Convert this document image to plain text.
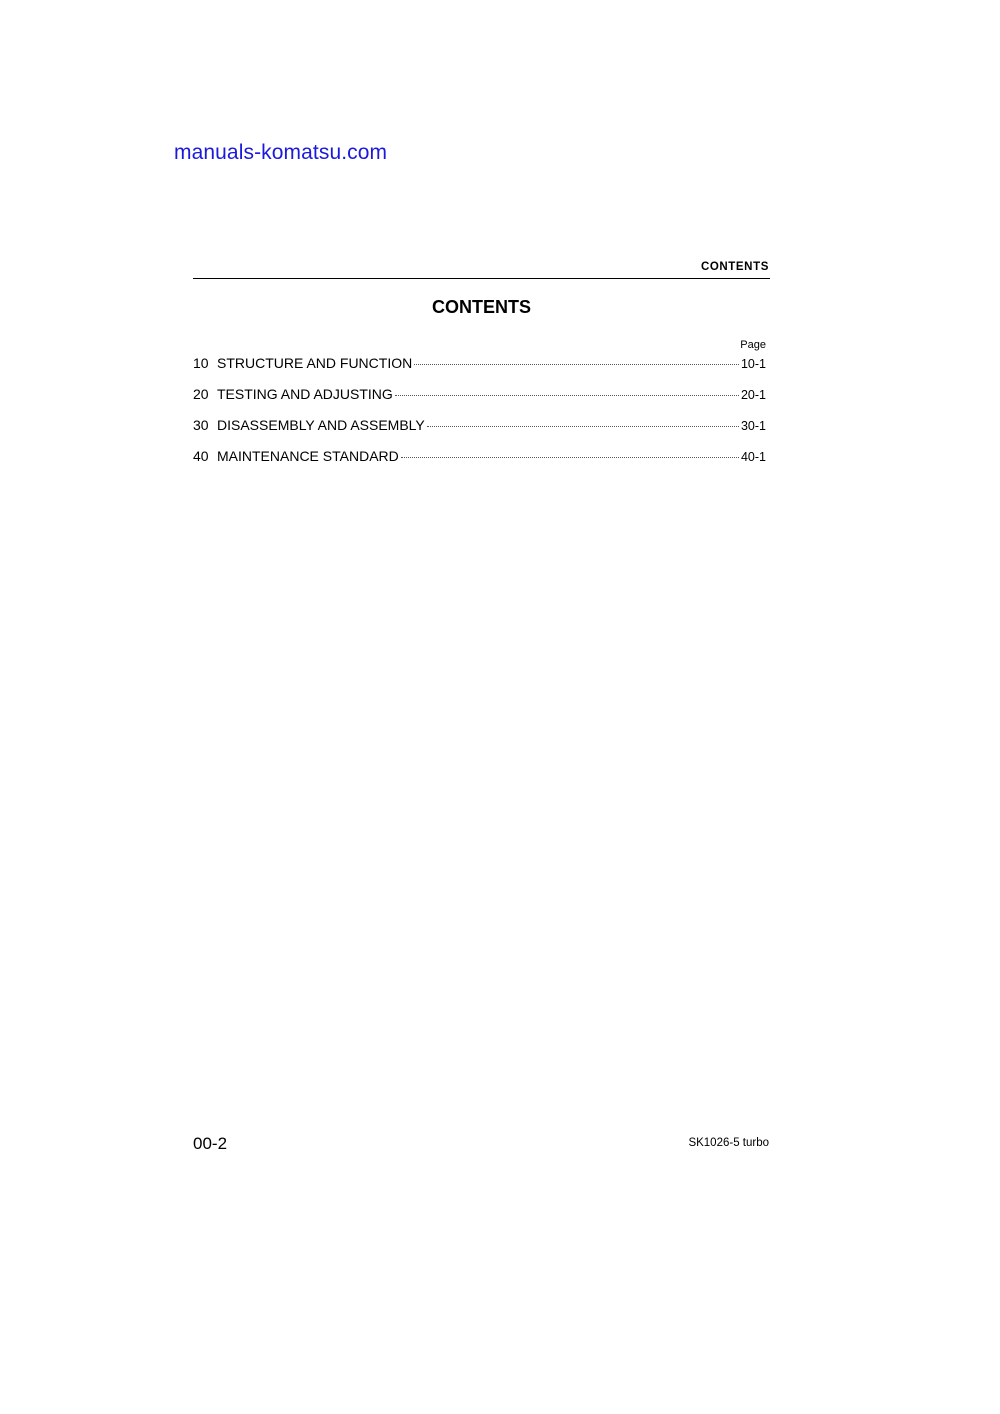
manuals-komatsu.com
CONTENTS
CONTENTS
Page
10 STRUCTURE AND FUNCTION	10-1
20 TESTING AND ADJUSTING	20-1
30 DISASSEMBLY AND ASSEMBLY	30-1
40 MAINTENANCE STANDARD	40-1
00-2	SK1026-5 turbo
